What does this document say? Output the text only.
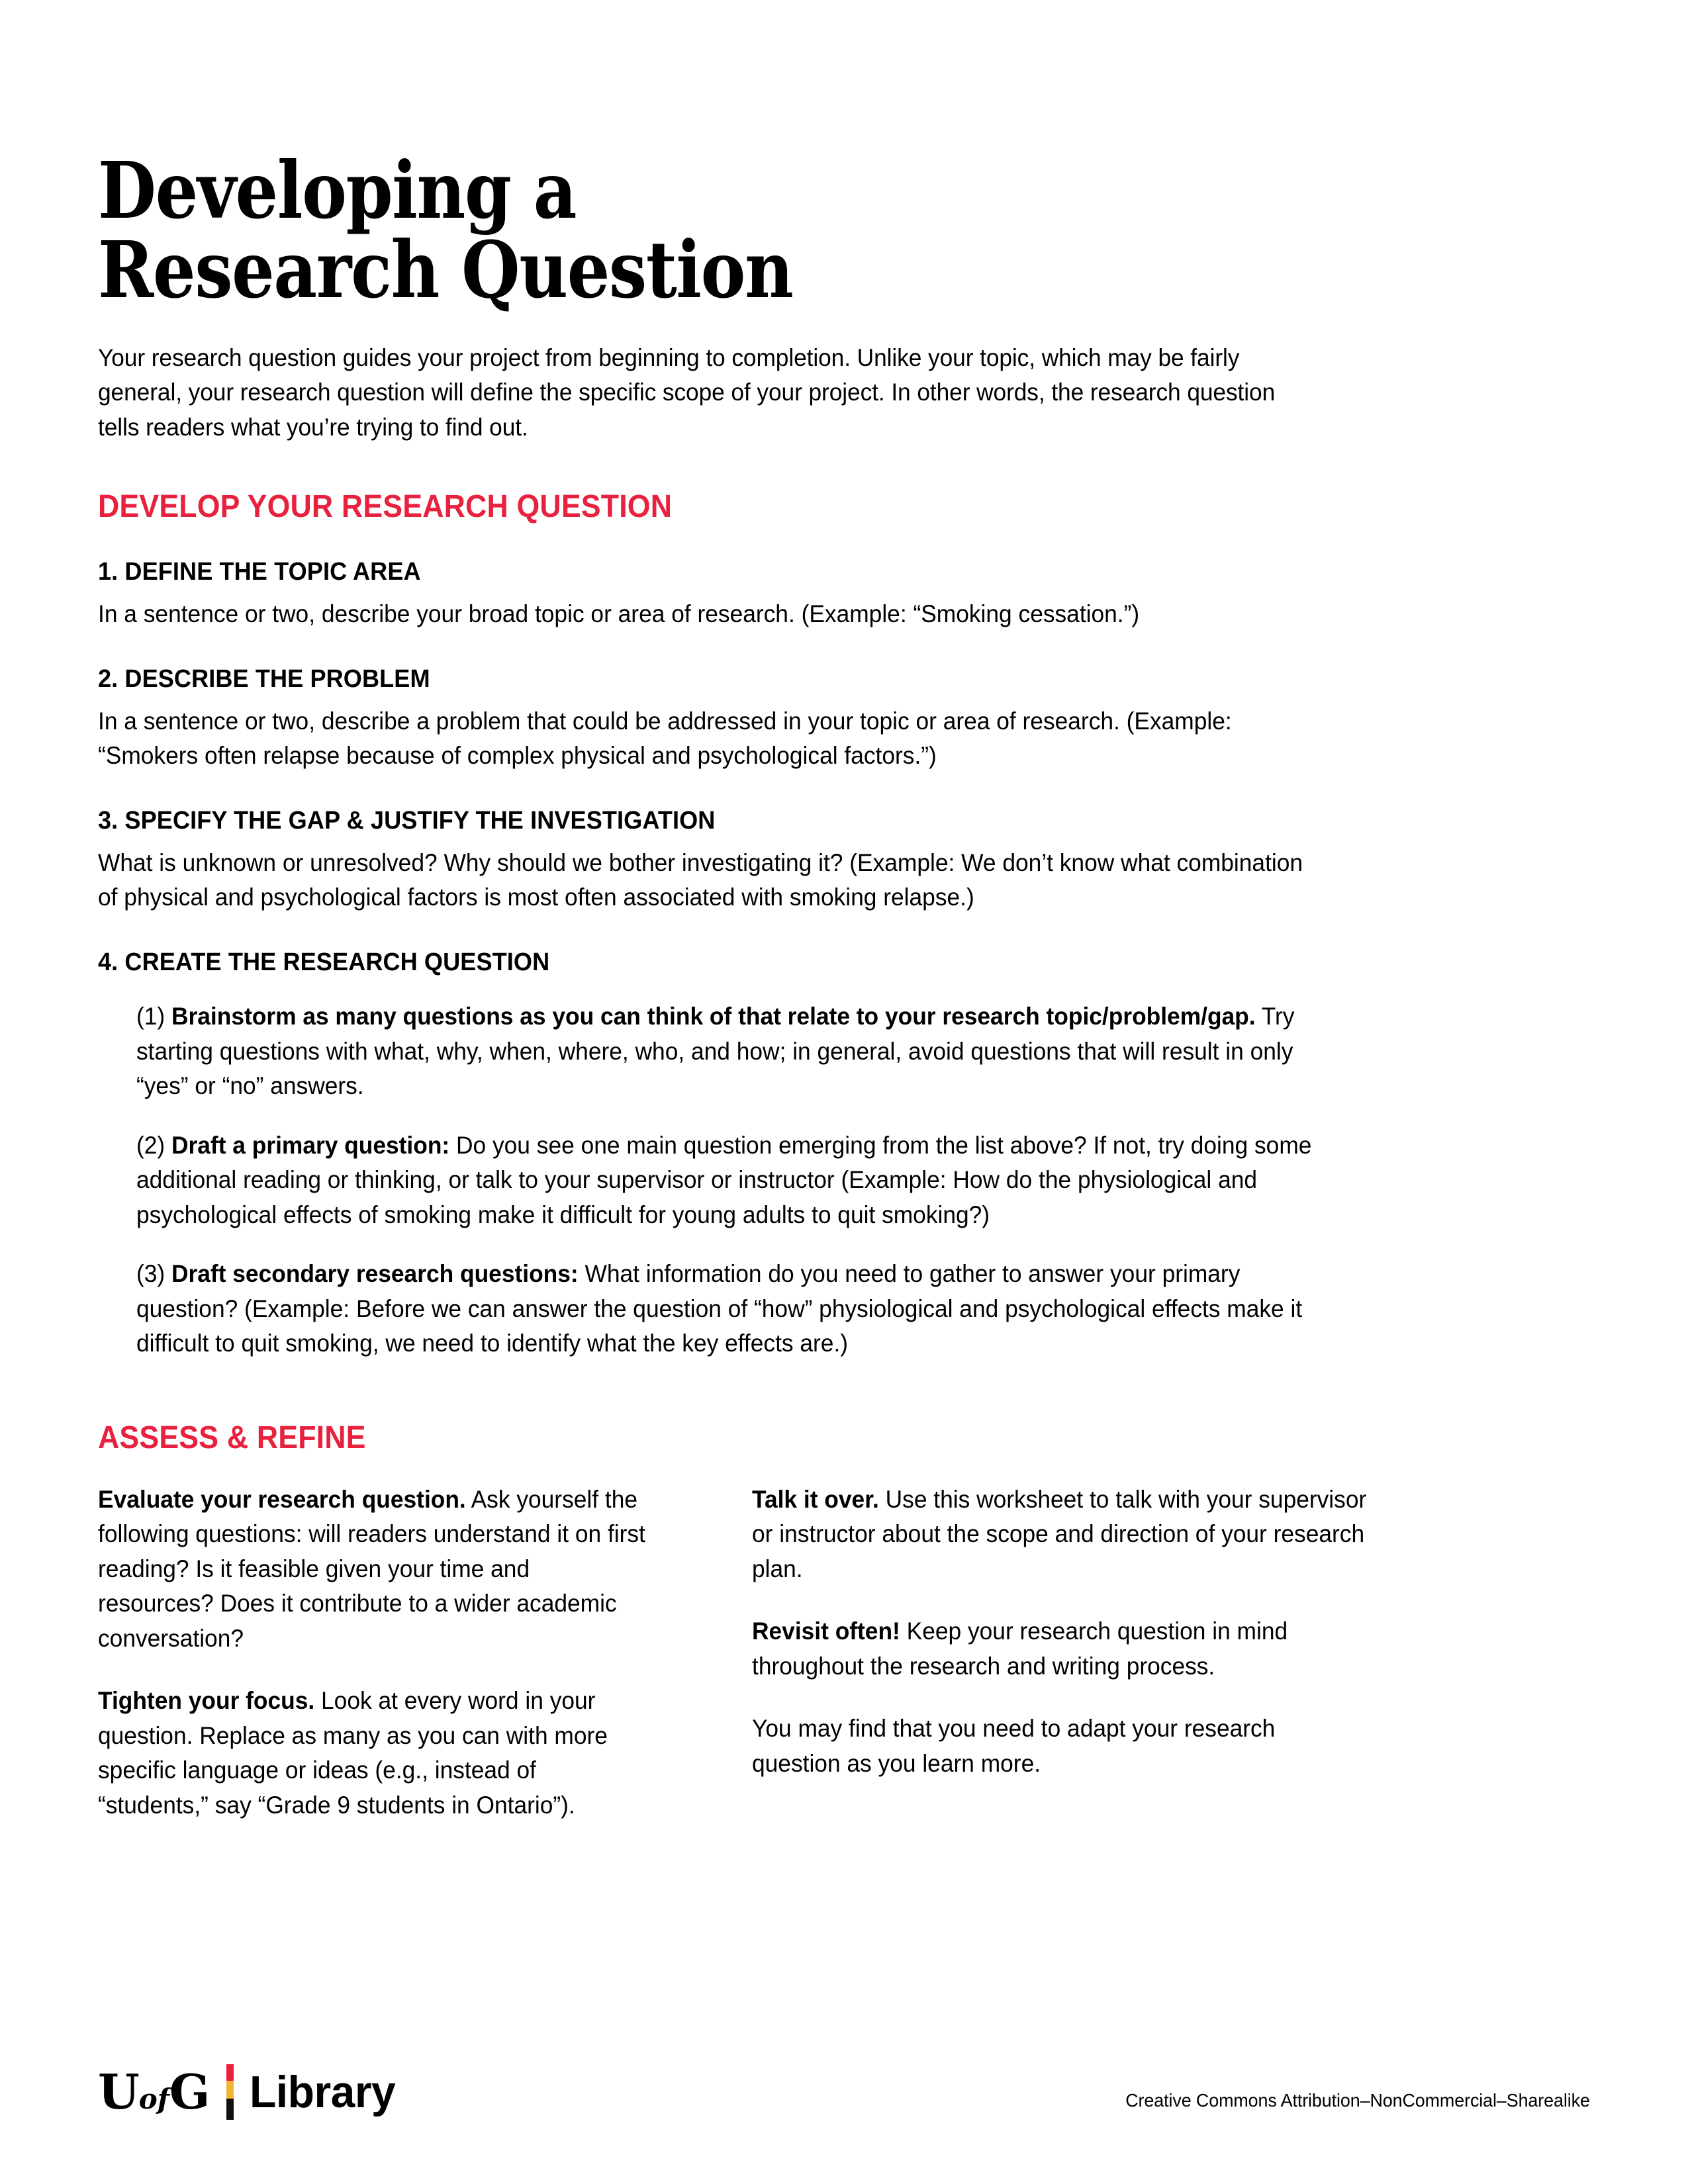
Developing a
Research Question

Your research question guides your project from beginning to completion. Unlike your topic, which may be fairly general, your research question will define the specific scope of your project. In other words, the research question tells readers what you’re trying to find out.

DEVELOP YOUR RESEARCH QUESTION
1. DEFINE THE TOPIC AREA

In a sentence or two, describe your broad topic or area of research. (Example: “Smoking cessation.”)

2. DESCRIBE THE PROBLEM

In a sentence or two, describe a problem that could be addressed in your topic or area of research. (Example: “Smokers often relapse because of complex physical and psychological factors.”)

3. SPECIFY THE GAP & JUSTIFY THE INVESTIGATION

What is unknown or unresolved? Why should we bother investigating it? (Example: We don’t know what combination of physical and psychological factors is most often associated with smoking relapse.)

4. CREATE THE RESEARCH QUESTION

(1) Brainstorm as many questions as you can think of that relate to your research topic/problem/gap. Try starting questions with what, why, when, where, who, and how; in general, avoid questions that will result in only “yes” or “no” answers.

(2) Draft a primary question: Do you see one main question emerging from the list above? If not, try doing some additional reading or thinking, or talk to your supervisor or instructor (Example: How do the physiological and psychological effects of smoking make it difficult for young adults to quit smoking?)

(3) Draft secondary research questions: What information do you need to gather to answer your primary question? (Example: Before we can answer the question of “how” physiological and psychological effects make it difficult to quit smoking, we need to identify what the key effects are.)

ASSESS & REFINE

Evaluate your research question. Ask yourself the following questions: will readers understand it on first reading? Is it feasible given your time and resources? Does it contribute to a wider academic conversation?

Tighten your focus. Look at every word in your question. Replace as many as you can with more specific language or ideas (e.g., instead of “students,” say “Grade 9 students in Ontario”).

Talk it over. Use this worksheet to talk with your supervisor or instructor about the scope and direction of your research plan.

Revisit often! Keep your research question in mind throughout the research and writing process.

You may find that you need to adapt your research question as you learn more.

UofG Library	Creative Commons Attribution–NonCommercial–Sharealike
